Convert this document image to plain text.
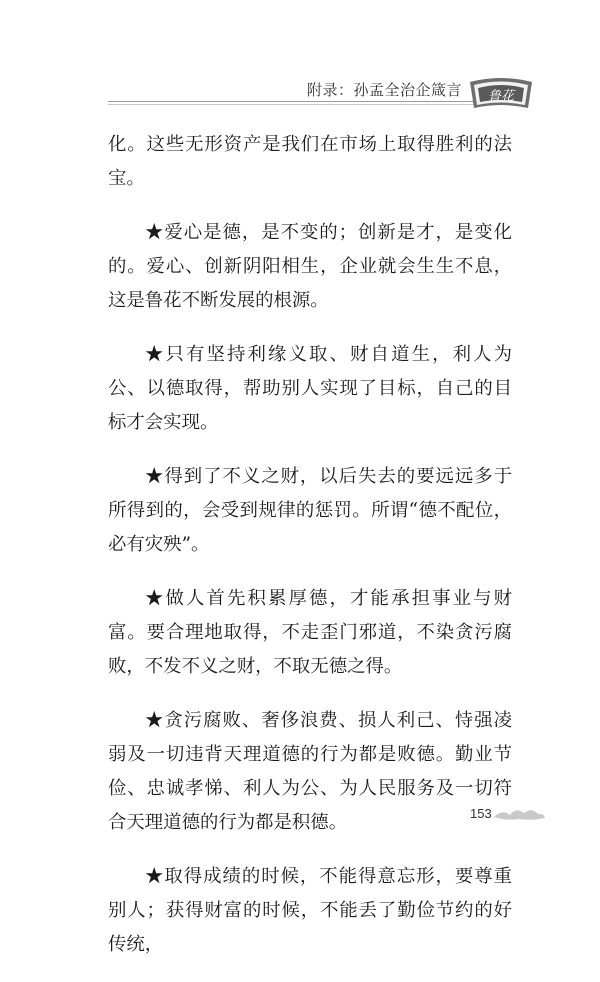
附录：孙孟全治企箴言 鲁花

化。这些无形资产是我们在市场上取得胜利的法宝。

★爱心是德，是不变的；创新是才，是变化的。爱心、创新阴阳相生，企业就会生生不息，这是鲁花不断发展的根源。

★只有坚持利缘义取、财自道生，利人为公、以德取得，帮助别人实现了目标，自己的目标才会实现。

★得到了不义之财，以后失去的要远远多于所得到的，会受到规律的惩罚。所谓“德不配位，必有灾殃”。

★做人首先积累厚德，才能承担事业与财富。要合理地取得，不走歪门邪道，不染贪污腐败，不发不义之财，不取无德之得。

★贪污腐败、奢侈浪费、损人利己、恃强凌弱及一切违背天理道德的行为都是败德。勤业节俭、忠诚孝悌、利人为公、为人民服务及一切符合天理道德的行为都是积德。

★取得成绩的时候，不能得意忘形，要尊重别人；获得财富的时候，不能丢了勤俭节约的好传统，

153
